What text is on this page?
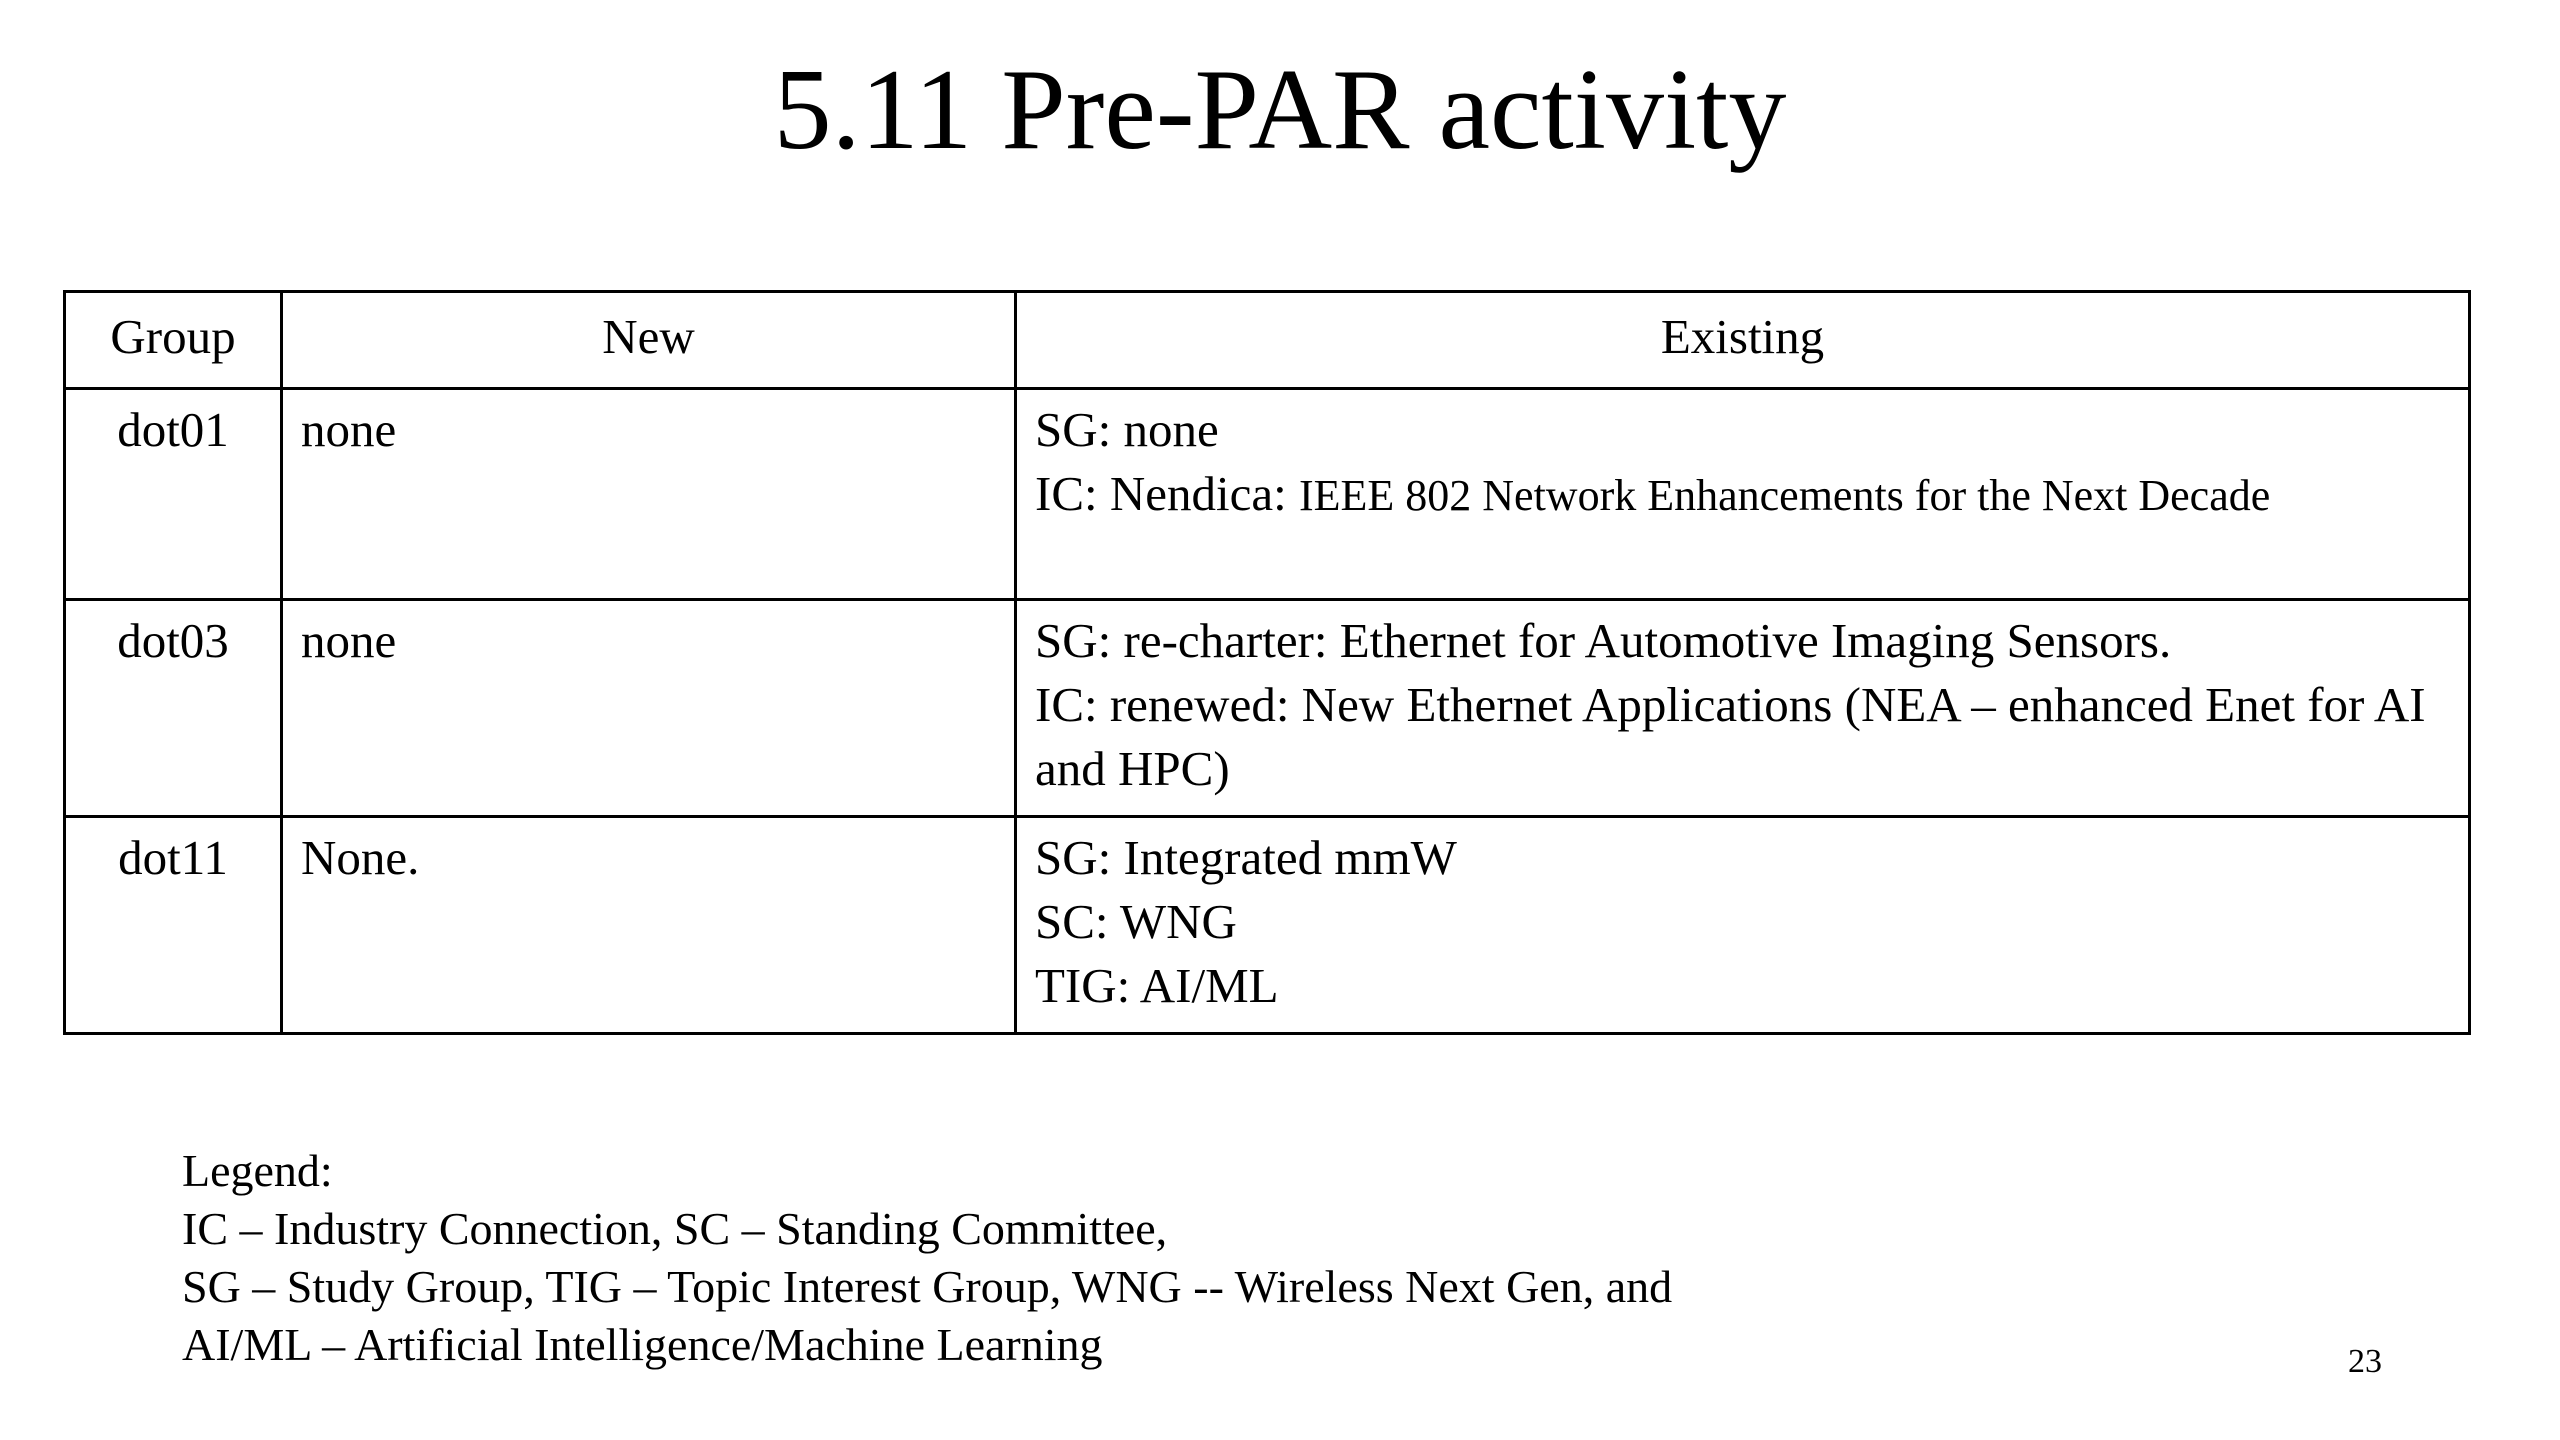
5.11 Pre-PAR activity
Group	New	Existing
dot01	none	SG: none
IC: Nendica: IEEE 802 Network Enhancements for the Next Decade

dot03	none	SG: re-charter: Ethernet for Automotive Imaging Sensors.
IC: renewed: New Ethernet Applications (NEA – enhanced Enet for AI and HPC)

dot11	None.	SG: Integrated mmW
SC: WNG
TIG: AI/ML
Legend:
IC – Industry Connection, SC – Standing Committee,
SG – Study Group, TIG – Topic Interest Group, WNG -- Wireless Next Gen, and
AI/ML – Artificial Intelligence/Machine Learning	23
